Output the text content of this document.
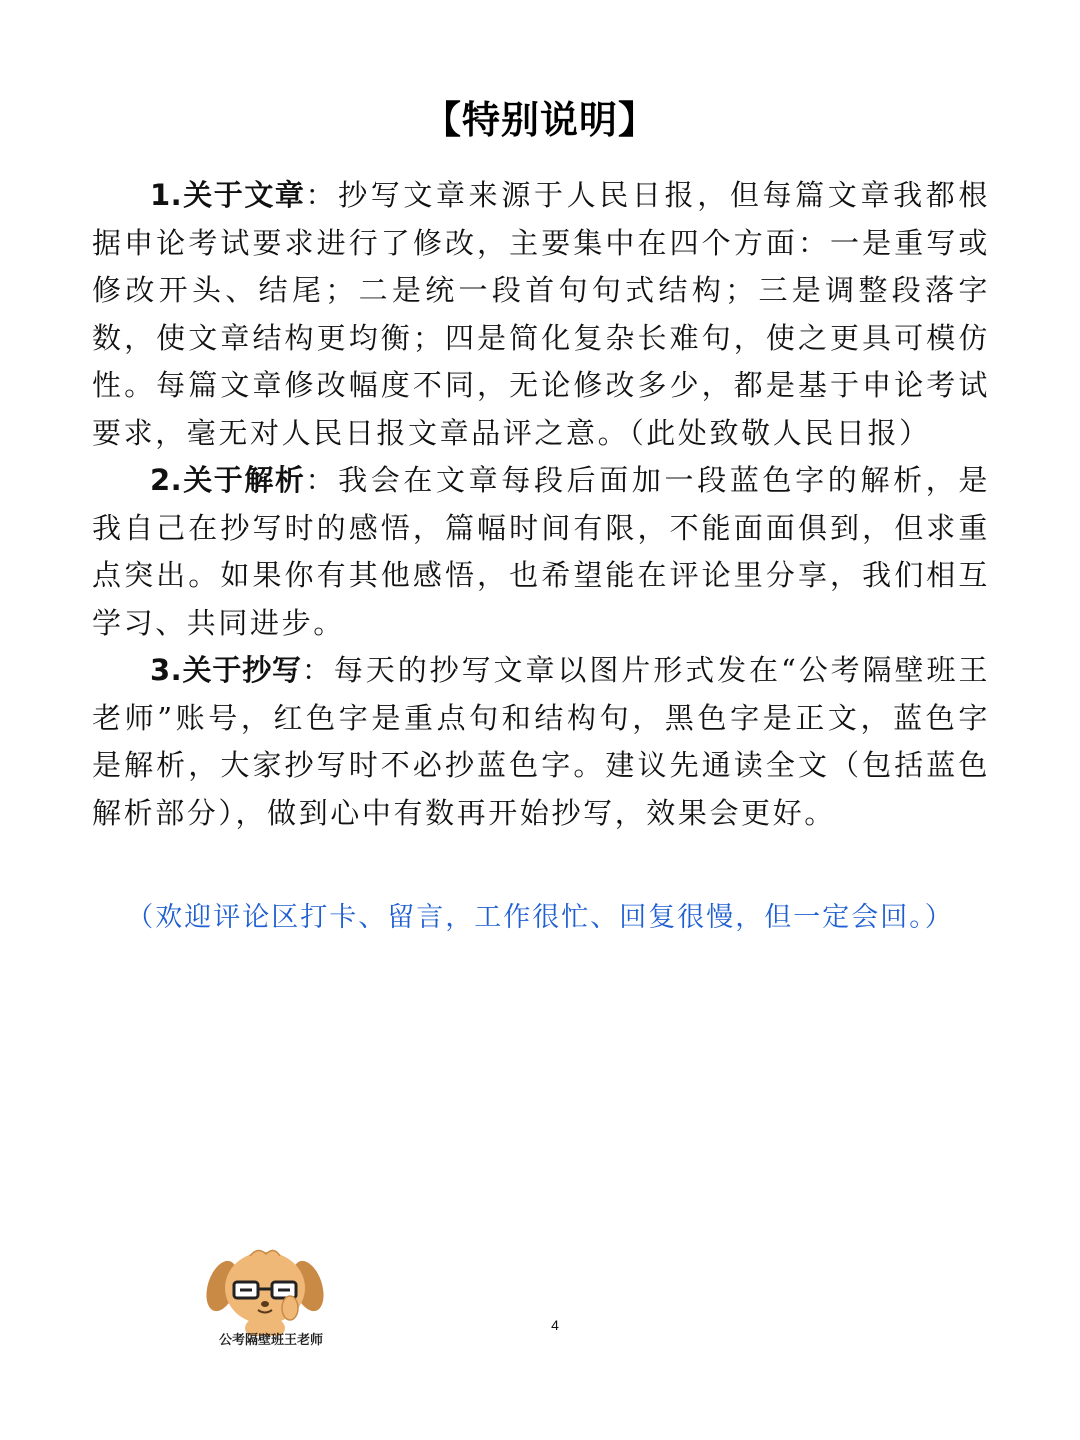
【特别说明】

1.关于文章：抄写文章来源于人民日报，但每篇文章我都根据申论考试要求进行了修改，主要集中在四个方面：一是重写或修改开头、结尾；二是统一段首句句式结构；三是调整段落字数，使文章结构更均衡；四是简化复杂长难句，使之更具可模仿性。每篇文章修改幅度不同，无论修改多少，都是基于申论考试要求，毫无对人民日报文章品评之意。（此处致敬人民日报）

2.关于解析：我会在文章每段后面加一段蓝色字的解析，是我自己在抄写时的感悟，篇幅时间有限，不能面面俱到，但求重点突出。如果你有其他感悟，也希望能在评论里分享，我们相互学习、共同进步。

3.关于抄写：每天的抄写文章以图片形式发在“公考隔壁班王老师”账号，红色字是重点句和结构句，黑色字是正文，蓝色字是解析，大家抄写时不必抄蓝色字。建议先通读全文（包括蓝色解析部分），做到心中有数再开始抄写，效果会更好。

（欢迎评论区打卡、留言，工作很忙、回复很慢，但一定会回。）
公考隔壁班王老师
4
